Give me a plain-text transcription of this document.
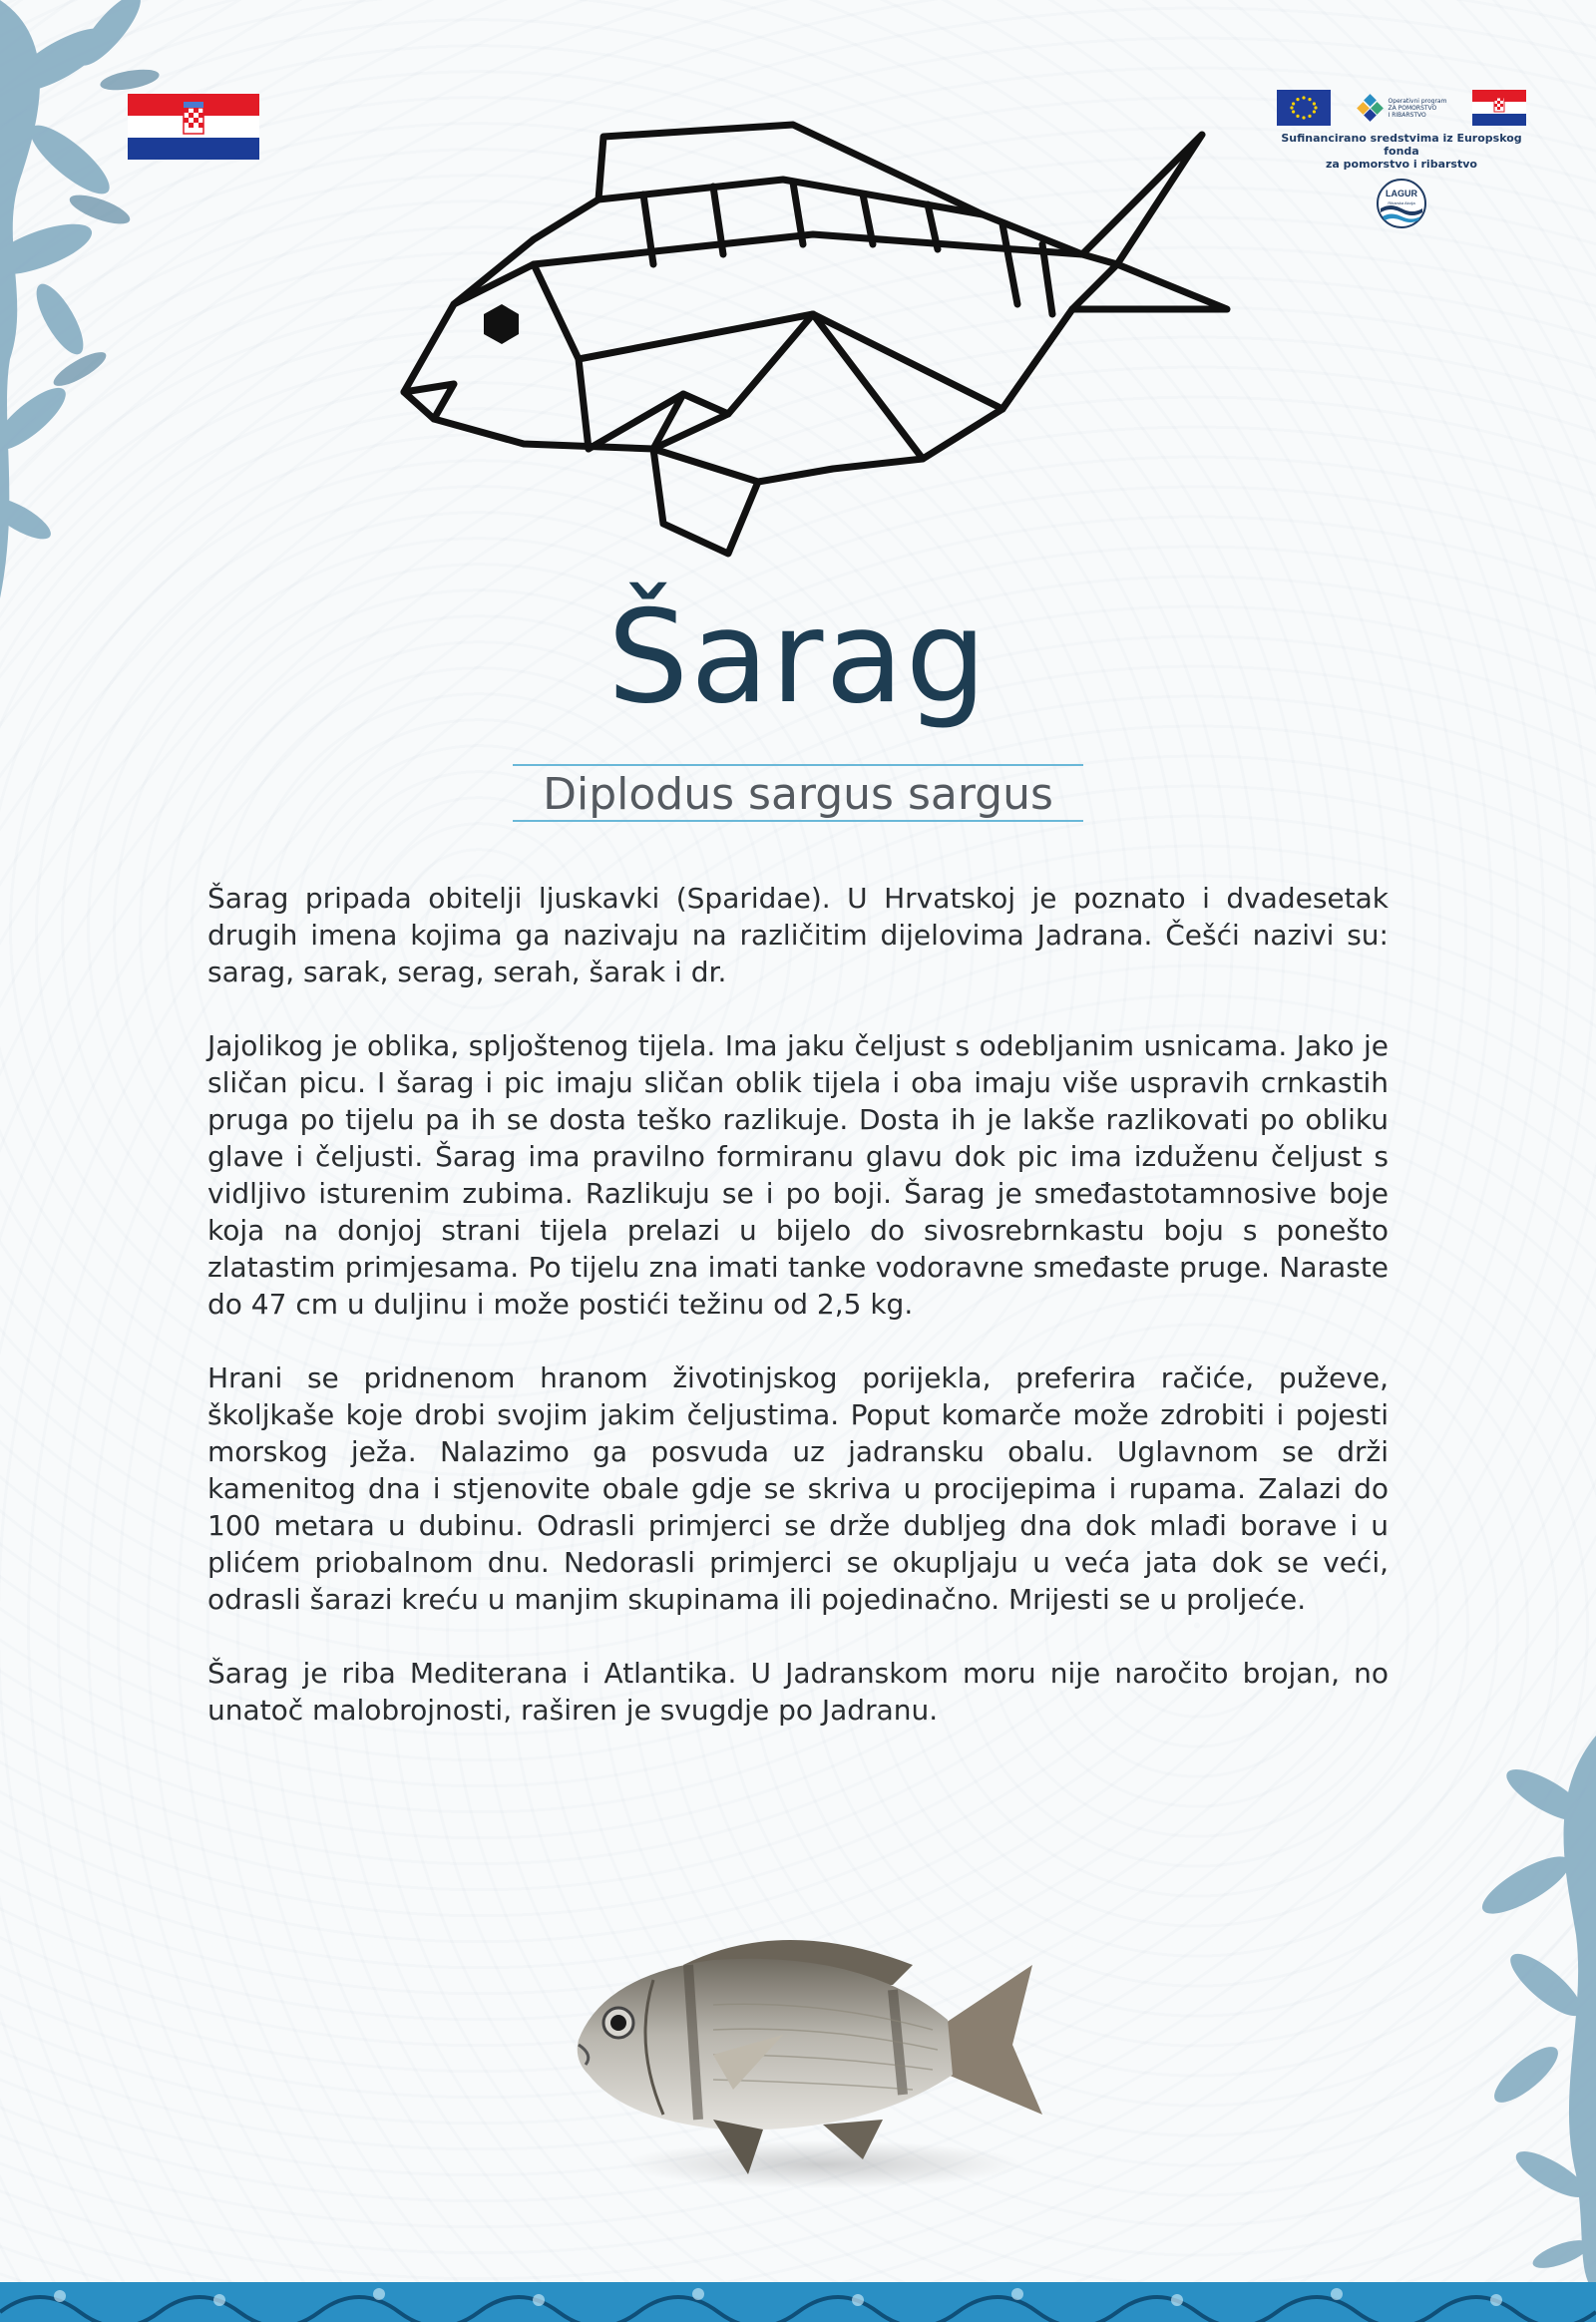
Operativni program
ZA POMORSTVO
I RIBARSTVO
Sufinancirano sredstvima iz Europskog fonda
za pomorstvo i ribarstvo
LAGUR
Ribarska Akcija
Šarag
Diplodus sargus sargus

Šarag pripada obitelji ljuskavki (Sparidae). U Hrvatskoj je poznato i dvadesetak drugih imena kojima ga nazivaju na različitim dijelovima Jadrana. Češći nazivi su: sarag, sarak, serag, serah, šarak i dr.

Jajolikog je oblika, spljoštenog tijela. Ima jaku čeljust s odebljanim usnicama. Jako je sličan picu. I šarag i pic imaju sličan oblik tijela i oba imaju više uspravih crnkastih pruga po tijelu pa ih se dosta teško razlikuje. Dosta ih je lakše razlikovati po obliku glave i čeljusti. Šarag ima pravilno formiranu glavu dok pic ima izduženu čeljust s vidljivo isturenim zubima. Razlikuju se i po boji. Šarag je smeđastotamnosive boje koja na donjoj strani tijela prelazi u bijelo do sivosrebrnkastu boju s ponešto zlatastim primjesama. Po tijelu zna imati tanke vodoravne smeđaste pruge. Naraste do 47 cm u duljinu i može postići težinu od 2,5 kg.

Hrani se pridnenom hranom životinjskog porijekla, preferira račiće, puževe, školjkaše koje drobi svojim jakim čeljustima. Poput komarče može zdrobiti i pojesti morskog ježa. Nalazimo ga posvuda uz jadransku obalu. Uglavnom se drži kamenitog dna i stjenovite obale gdje se skriva u procijepima i rupama. Zalazi do 100 metara u dubinu. Odrasli primjerci se drže dubljeg dna dok mlađi borave i u plićem priobalnom dnu. Nedorasli primjerci se okupljaju u veća jata dok se veći, odrasli šarazi kreću u manjim skupinama ili pojedinačno. Mrijesti se u proljeće.

Šarag je riba Mediterana i Atlantika. U Jadranskom moru nije naročito brojan, no unatoč malobrojnosti, raširen je svugdje po Jadranu.
